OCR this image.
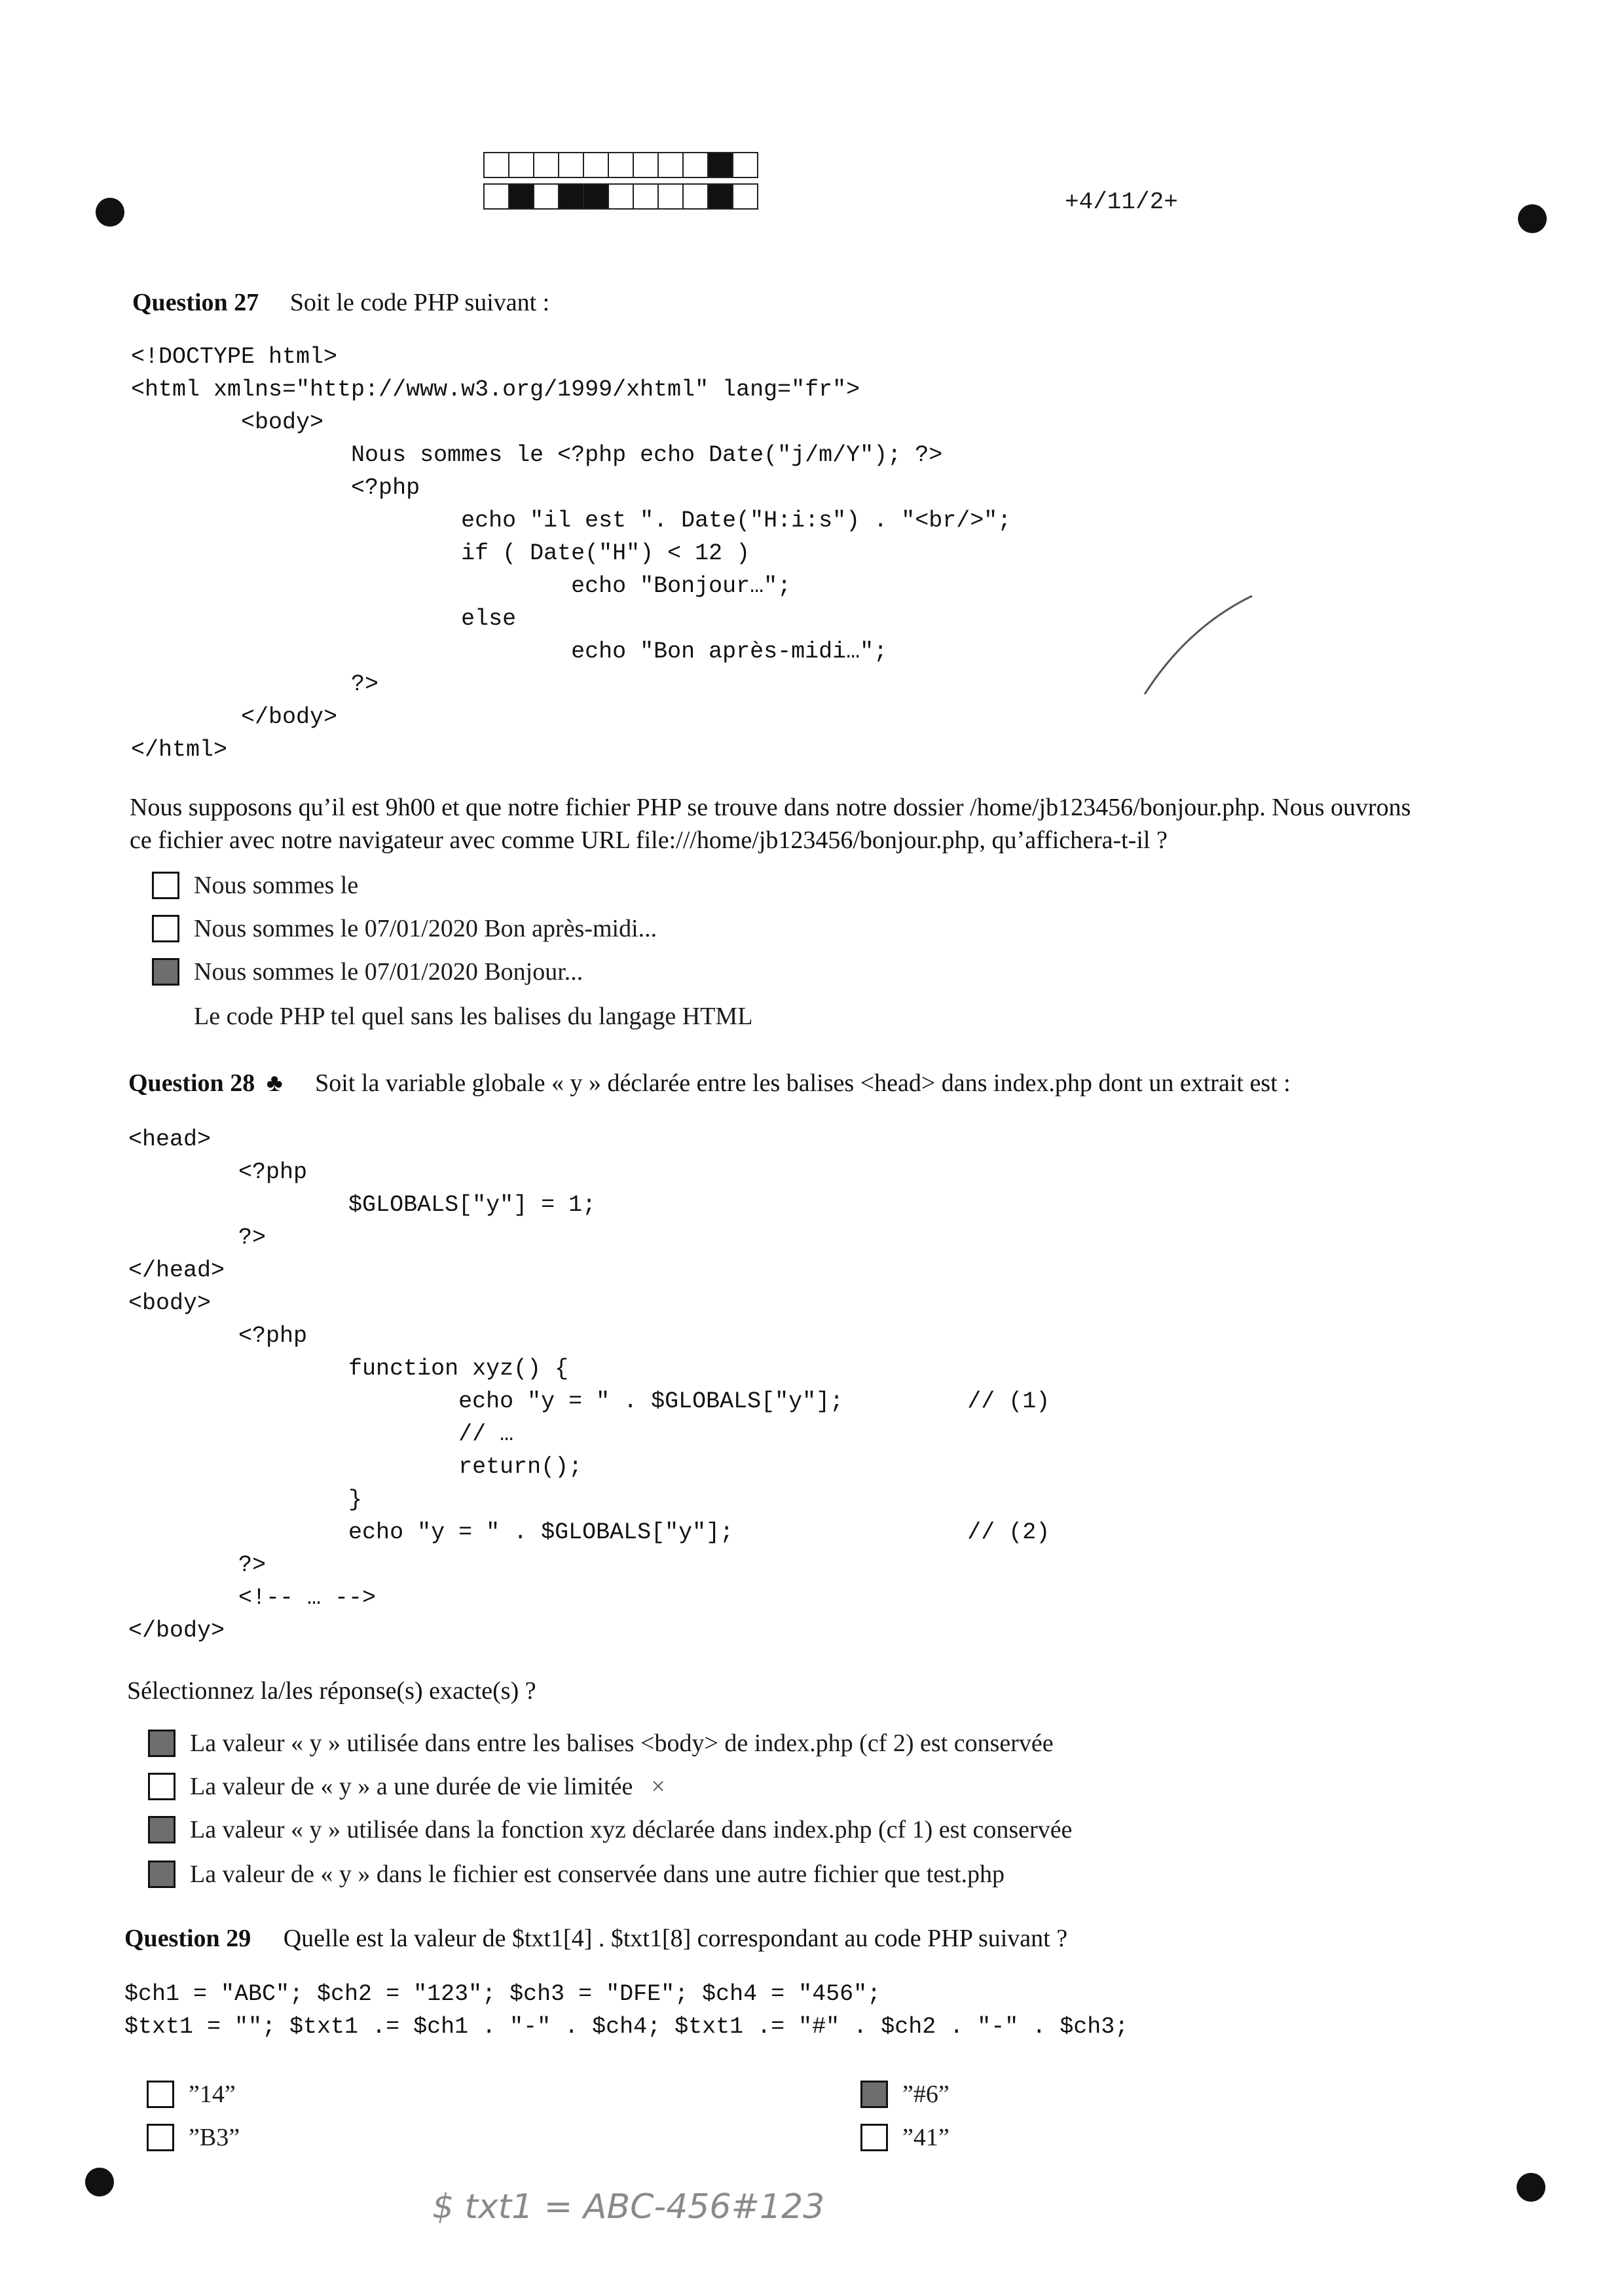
+4/11/2+
Question 27 Soit le code PHP suivant :
<!DOCTYPE html>
<html xmlns="http://www.w3.org/1999/xhtml" lang="fr">
<body>
Nous sommes le <?php echo Date("j/m/Y"); ?>
<?php
echo "il est ". Date("H:i:s") . "<br/>";
if ( Date("H") < 12 )
echo "Bonjour…";
else
echo "Bon après-midi…";
?>
</body>
</html>
Nous supposons qu’il est 9h00 et que notre fichier PHP se trouve dans notre dossier /home/jb123456/bonjour.php. Nous ouvrons
ce fichier avec notre navigateur avec comme URL file:///home/jb123456/bonjour.php, qu’affichera-t-il ?
Nous sommes le
Nous sommes le 07/01/2020 Bon après-midi...
Nous sommes le 07/01/2020 Bonjour...
Le code PHP tel quel sans les balises du langage HTML
Question 28 ♣ Soit la variable globale « y » déclarée entre les balises <head> dans index.php dont un extrait est :
<head>
<?php
$GLOBALS["y"] = 1;
?>
</head>
<body>
<?php
function xyz() {
echo "y = " . $GLOBALS["y"];         // (1)
// …
return();
}
echo "y = " . $GLOBALS["y"];                 // (2)
?>
<!-- … -->
</body>
Sélectionnez la/les réponse(s) exacte(s) ?
La valeur « y » utilisée dans entre les balises <body> de index.php (cf 2) est conservée
La valeur de « y » a une durée de vie limitée ×
La valeur « y » utilisée dans la fonction xyz déclarée dans index.php (cf 1) est conservée
La valeur de « y » dans le fichier est conservée dans une autre fichier que test.php
Question 29 Quelle est la valeur de $txt1[4] . $txt1[8] correspondant au code PHP suivant ?
$ch1 = "ABC"; $ch2 = "123"; $ch3 = "DFE"; $ch4 = "456";
$txt1 = ""; $txt1 .= $ch1 . "-" . $ch4; $txt1 .= "#" . $ch2 . "-" . $ch3;
”14”	”#6”
”B3”	”41”
$ txt1 = ABC-456#123
